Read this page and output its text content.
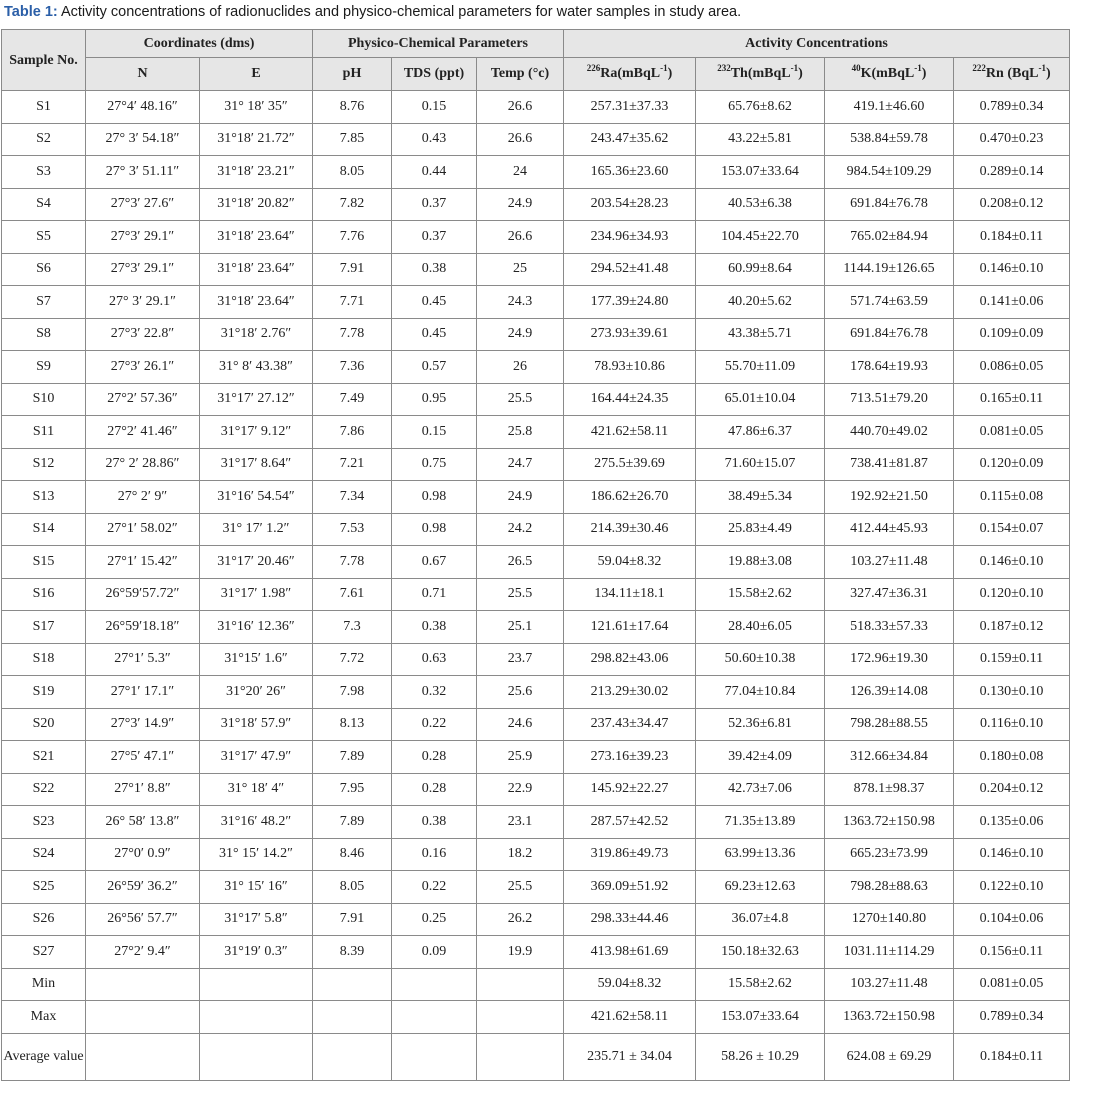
Table 1: Activity concentrations of radionuclides and physico-chemical parameters for water samples in study area.
Sample No.	Coordinates (dms)		Physico-Chemical Parameters			Activity Concentrations			
	N	E	pH	TDS (ppt)	Temp (°c)	$^{226}$Ra(mBqL$^{-1}$)	$^{232}$Th(mBqL$^{-1}$)	$^{40}$K(mBqL$^{-1}$)	$^{222}$Rn (BqL$^{-1}$)
S1	27°4′ 48.16″	31° 18′ 35″	8.76	0.15	26.6	257.31±37.33	65.76±8.62	419.1±46.60	0.789±0.34
S2	27° 3′ 54.18″	31°18′ 21.72″	7.85	0.43	26.6	243.47±35.62	43.22±5.81	538.84±59.78	0.470±0.23
S3	27° 3′ 51.11″	31°18′ 23.21″	8.05	0.44	24	165.36±23.60	153.07±33.64	984.54±109.29	0.289±0.14
S4	27°3′ 27.6″	31°18′ 20.82″	7.82	0.37	24.9	203.54±28.23	40.53±6.38	691.84±76.78	0.208±0.12
S5	27°3′ 29.1″	31°18′ 23.64″	7.76	0.37	26.6	234.96±34.93	104.45±22.70	765.02±84.94	0.184±0.11
S6	27°3′ 29.1″	31°18′ 23.64″	7.91	0.38	25	294.52±41.48	60.99±8.64	1144.19±126.65	0.146±0.10
S7	27° 3′ 29.1″	31°18′ 23.64″	7.71	0.45	24.3	177.39±24.80	40.20±5.62	571.74±63.59	0.141±0.06
S8	27°3′ 22.8″	31°18′ 2.76″	7.78	0.45	24.9	273.93±39.61	43.38±5.71	691.84±76.78	0.109±0.09
S9	27°3′ 26.1″	31° 8′ 43.38″	7.36	0.57	26	78.93±10.86	55.70±11.09	178.64±19.93	0.086±0.05
S10	27°2′ 57.36″	31°17′ 27.12″	7.49	0.95	25.5	164.44±24.35	65.01±10.04	713.51±79.20	0.165±0.11
S11	27°2′ 41.46″	31°17′ 9.12″	7.86	0.15	25.8	421.62±58.11	47.86±6.37	440.70±49.02	0.081±0.05
S12	27° 2′ 28.86″	31°17′ 8.64″	7.21	0.75	24.7	275.5±39.69	71.60±15.07	738.41±81.87	0.120±0.09
S13	27° 2′ 9″	31°16′ 54.54″	7.34	0.98	24.9	186.62±26.70	38.49±5.34	192.92±21.50	0.115±0.08
S14	27°1′ 58.02″	31° 17′ 1.2″	7.53	0.98	24.2	214.39±30.46	25.83±4.49	412.44±45.93	0.154±0.07
S15	27°1′ 15.42″	31°17′ 20.46″	7.78	0.67	26.5	59.04±8.32	19.88±3.08	103.27±11.48	0.146±0.10
S16	26°59′57.72″	31°17′ 1.98″	7.61	0.71	25.5	134.11±18.1	15.58±2.62	327.47±36.31	0.120±0.10
S17	26°59′18.18″	31°16′ 12.36″	7.3	0.38	25.1	121.61±17.64	28.40±6.05	518.33±57.33	0.187±0.12
S18	27°1′ 5.3″	31°15′ 1.6″	7.72	0.63	23.7	298.82±43.06	50.60±10.38	172.96±19.30	0.159±0.11
S19	27°1′ 17.1″	31°20′ 26″	7.98	0.32	25.6	213.29±30.02	77.04±10.84	126.39±14.08	0.130±0.10
S20	27°3′ 14.9″	31°18′ 57.9″	8.13	0.22	24.6	237.43±34.47	52.36±6.81	798.28±88.55	0.116±0.10
S21	27°5′ 47.1″	31°17′ 47.9″	7.89	0.28	25.9	273.16±39.23	39.42±4.09	312.66±34.84	0.180±0.08
S22	27°1′ 8.8″	31° 18′ 4″	7.95	0.28	22.9	145.92±22.27	42.73±7.06	878.1±98.37	0.204±0.12
S23	26° 58′ 13.8″	31°16′ 48.2″	7.89	0.38	23.1	287.57±42.52	71.35±13.89	1363.72±150.98	0.135±0.06
S24	27°0′ 0.9″	31° 15′ 14.2″	8.46	0.16	18.2	319.86±49.73	63.99±13.36	665.23±73.99	0.146±0.10
S25	26°59′ 36.2″	31° 15′ 16″	8.05	0.22	25.5	369.09±51.92	69.23±12.63	798.28±88.63	0.122±0.10
S26	26°56′ 57.7″	31°17′ 5.8″	7.91	0.25	26.2	298.33±44.46	36.07±4.8	1270±140.80	0.104±0.06
S27	27°2′ 9.4″	31°19′ 0.3″	8.39	0.09	19.9	413.98±61.69	150.18±32.63	1031.11±114.29	0.156±0.11
Min						59.04±8.32	15.58±2.62	103.27±11.48	0.081±0.05
Max						421.62±58.11	153.07±33.64	1363.72±150.98	0.789±0.34
Average value						235.71 ± 34.04	58.26 ± 10.29	624.08 ± 69.29	0.184±0.11
